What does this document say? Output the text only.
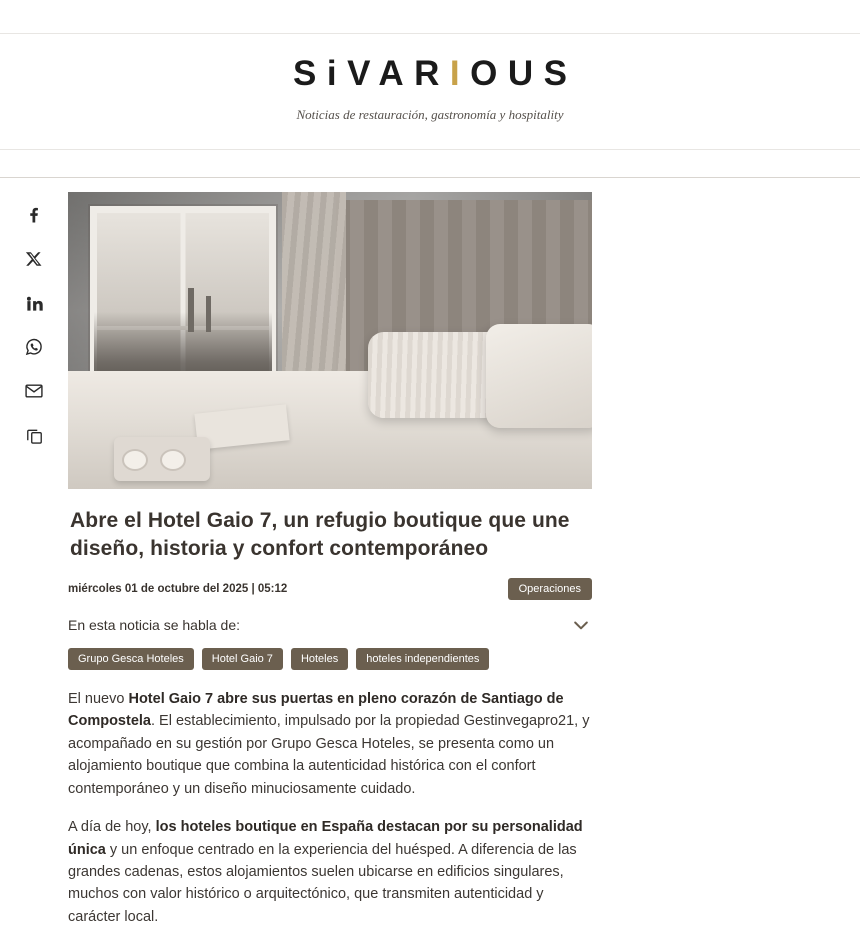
SiVARIOUS
Noticias de restauración, gastronomía y hospitality
Abre el Hotel Gaio 7, un refugio boutique que une diseño, historia y confort contemporáneo
miércoles 01 de octubre del 2025 | 05:12	Operaciones
En esta noticia se habla de:
Grupo Gesca Hoteles	Hotel Gaio 7	Hoteles	hoteles independientes

El nuevo Hotel Gaio 7 abre sus puertas en pleno corazón de Santiago de Compostela. El establecimiento, impulsado por la propiedad Gestinvegapro21, y acompañado en su gestión por Grupo Gesca Hoteles, se presenta como un alojamiento boutique que combina la autenticidad histórica con el confort contemporáneo y un diseño minuciosamente cuidado.

A día de hoy, los hoteles boutique en España destacan por su personalidad única y un enfoque centrado en la experiencia del huésped. A diferencia de las grandes cadenas, estos alojamientos suelen ubicarse en edificios singulares, muchos con valor histórico o arquitectónico, que transmiten autenticidad y carácter local.
